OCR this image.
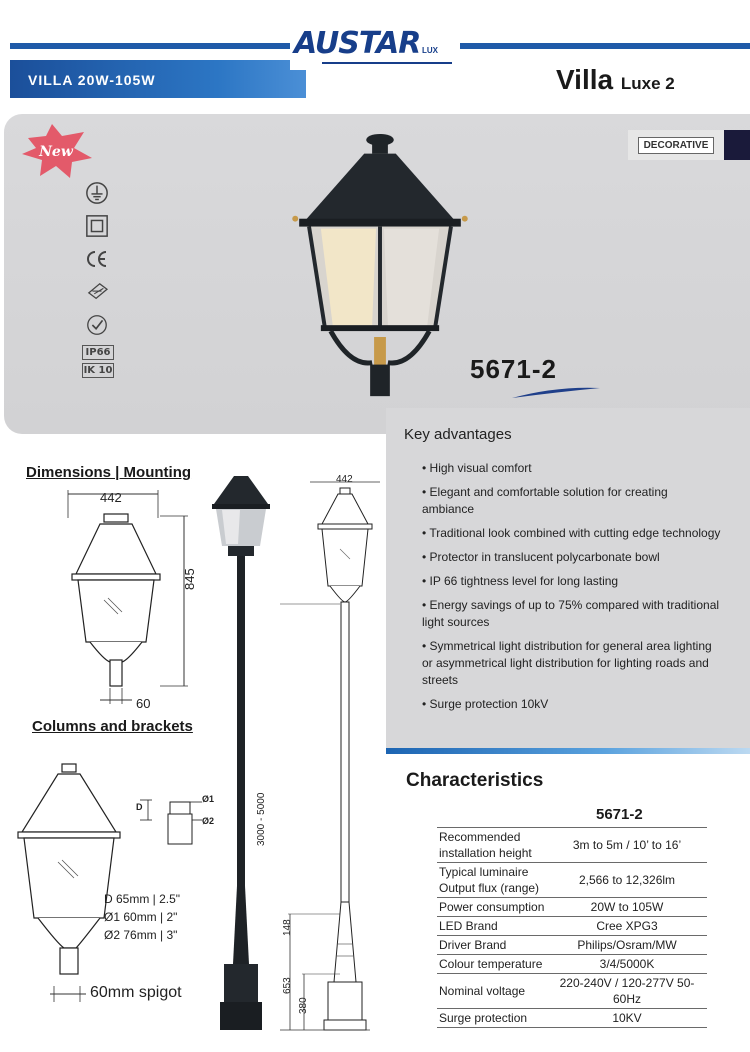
VILLA 20W-105W
AUSTAR LUX
Villa Luxe 2
New
IP66
IK 10
DECORATIVE
5671-2
Key advantages
• High visual comfort
• Elegant and comfortable solution for creating ambiance
• Traditional look combined with cutting edge technology
• Protector in translucent polycarbonate bowl
• IP 66 tightness level for long lasting
• Energy savings of up to 75% compared with traditional light sources
• Symmetrical light distribution for general area lighting or asymmetrical light distribution for lighting roads and streets
• Surge protection 10kV
Dimensions | Mounting
442
845
60
442
3000 - 5000
148
653
380
Columns and brackets
D
Ø1
Ø2
D 65mm | 2.5"
Ø1 60mm | 2"
Ø2 76mm | 3"
60mm spigot
Characteristics
5671-2
Recommended installation height	3m to 5m / 10’ to 16’
Typical luminaire Output flux (range)	2,566 to 12,326lm
Power consumption	20W to 105W
LED Brand	Cree XPG3
Driver Brand	Philips/Osram/MW
Colour temperature	3/4/5000K
Nominal voltage	220-240V / 120-277V 50-60Hz
Surge protection	10KV
